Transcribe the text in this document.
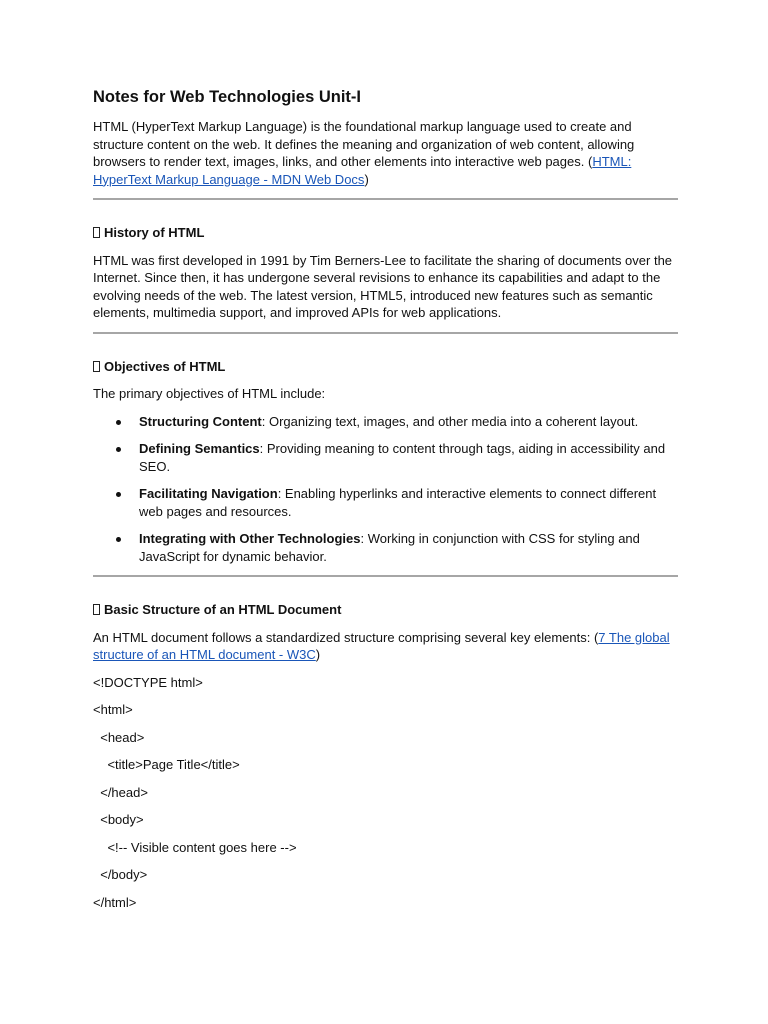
Notes for Web Technologies Unit-I

HTML (HyperText Markup Language) is the foundational markup language used to create and structure content on the web. It defines the meaning and organization of web content, allowing browsers to render text, images, links, and other elements into interactive web pages. (HTML: HyperText Markup Language - MDN Web Docs)

History of HTML

HTML was first developed in 1991 by Tim Berners-Lee to facilitate the sharing of documents over the Internet. Since then, it has undergone several revisions to enhance its capabilities and adapt to the evolving needs of the web. The latest version, HTML5, introduced new features such as semantic elements, multimedia support, and improved APIs for web applications.

Objectives of HTML

The primary objectives of HTML include:

Structuring Content: Organizing text, images, and other media into a coherent layout.
Defining Semantics: Providing meaning to content through tags, aiding in accessibility and SEO.
Facilitating Navigation: Enabling hyperlinks and interactive elements to connect different web pages and resources.
Integrating with Other Technologies: Working in conjunction with CSS for styling and JavaScript for dynamic behavior.
Basic Structure of an HTML Document

An HTML document follows a standardized structure comprising several key elements: (7 The global structure of an HTML document - W3C)

<!DOCTYPE html>

<html>

<head>

<title>Page Title</title>

</head>

<body>

<!-- Visible content goes here -->

</body>

</html>
